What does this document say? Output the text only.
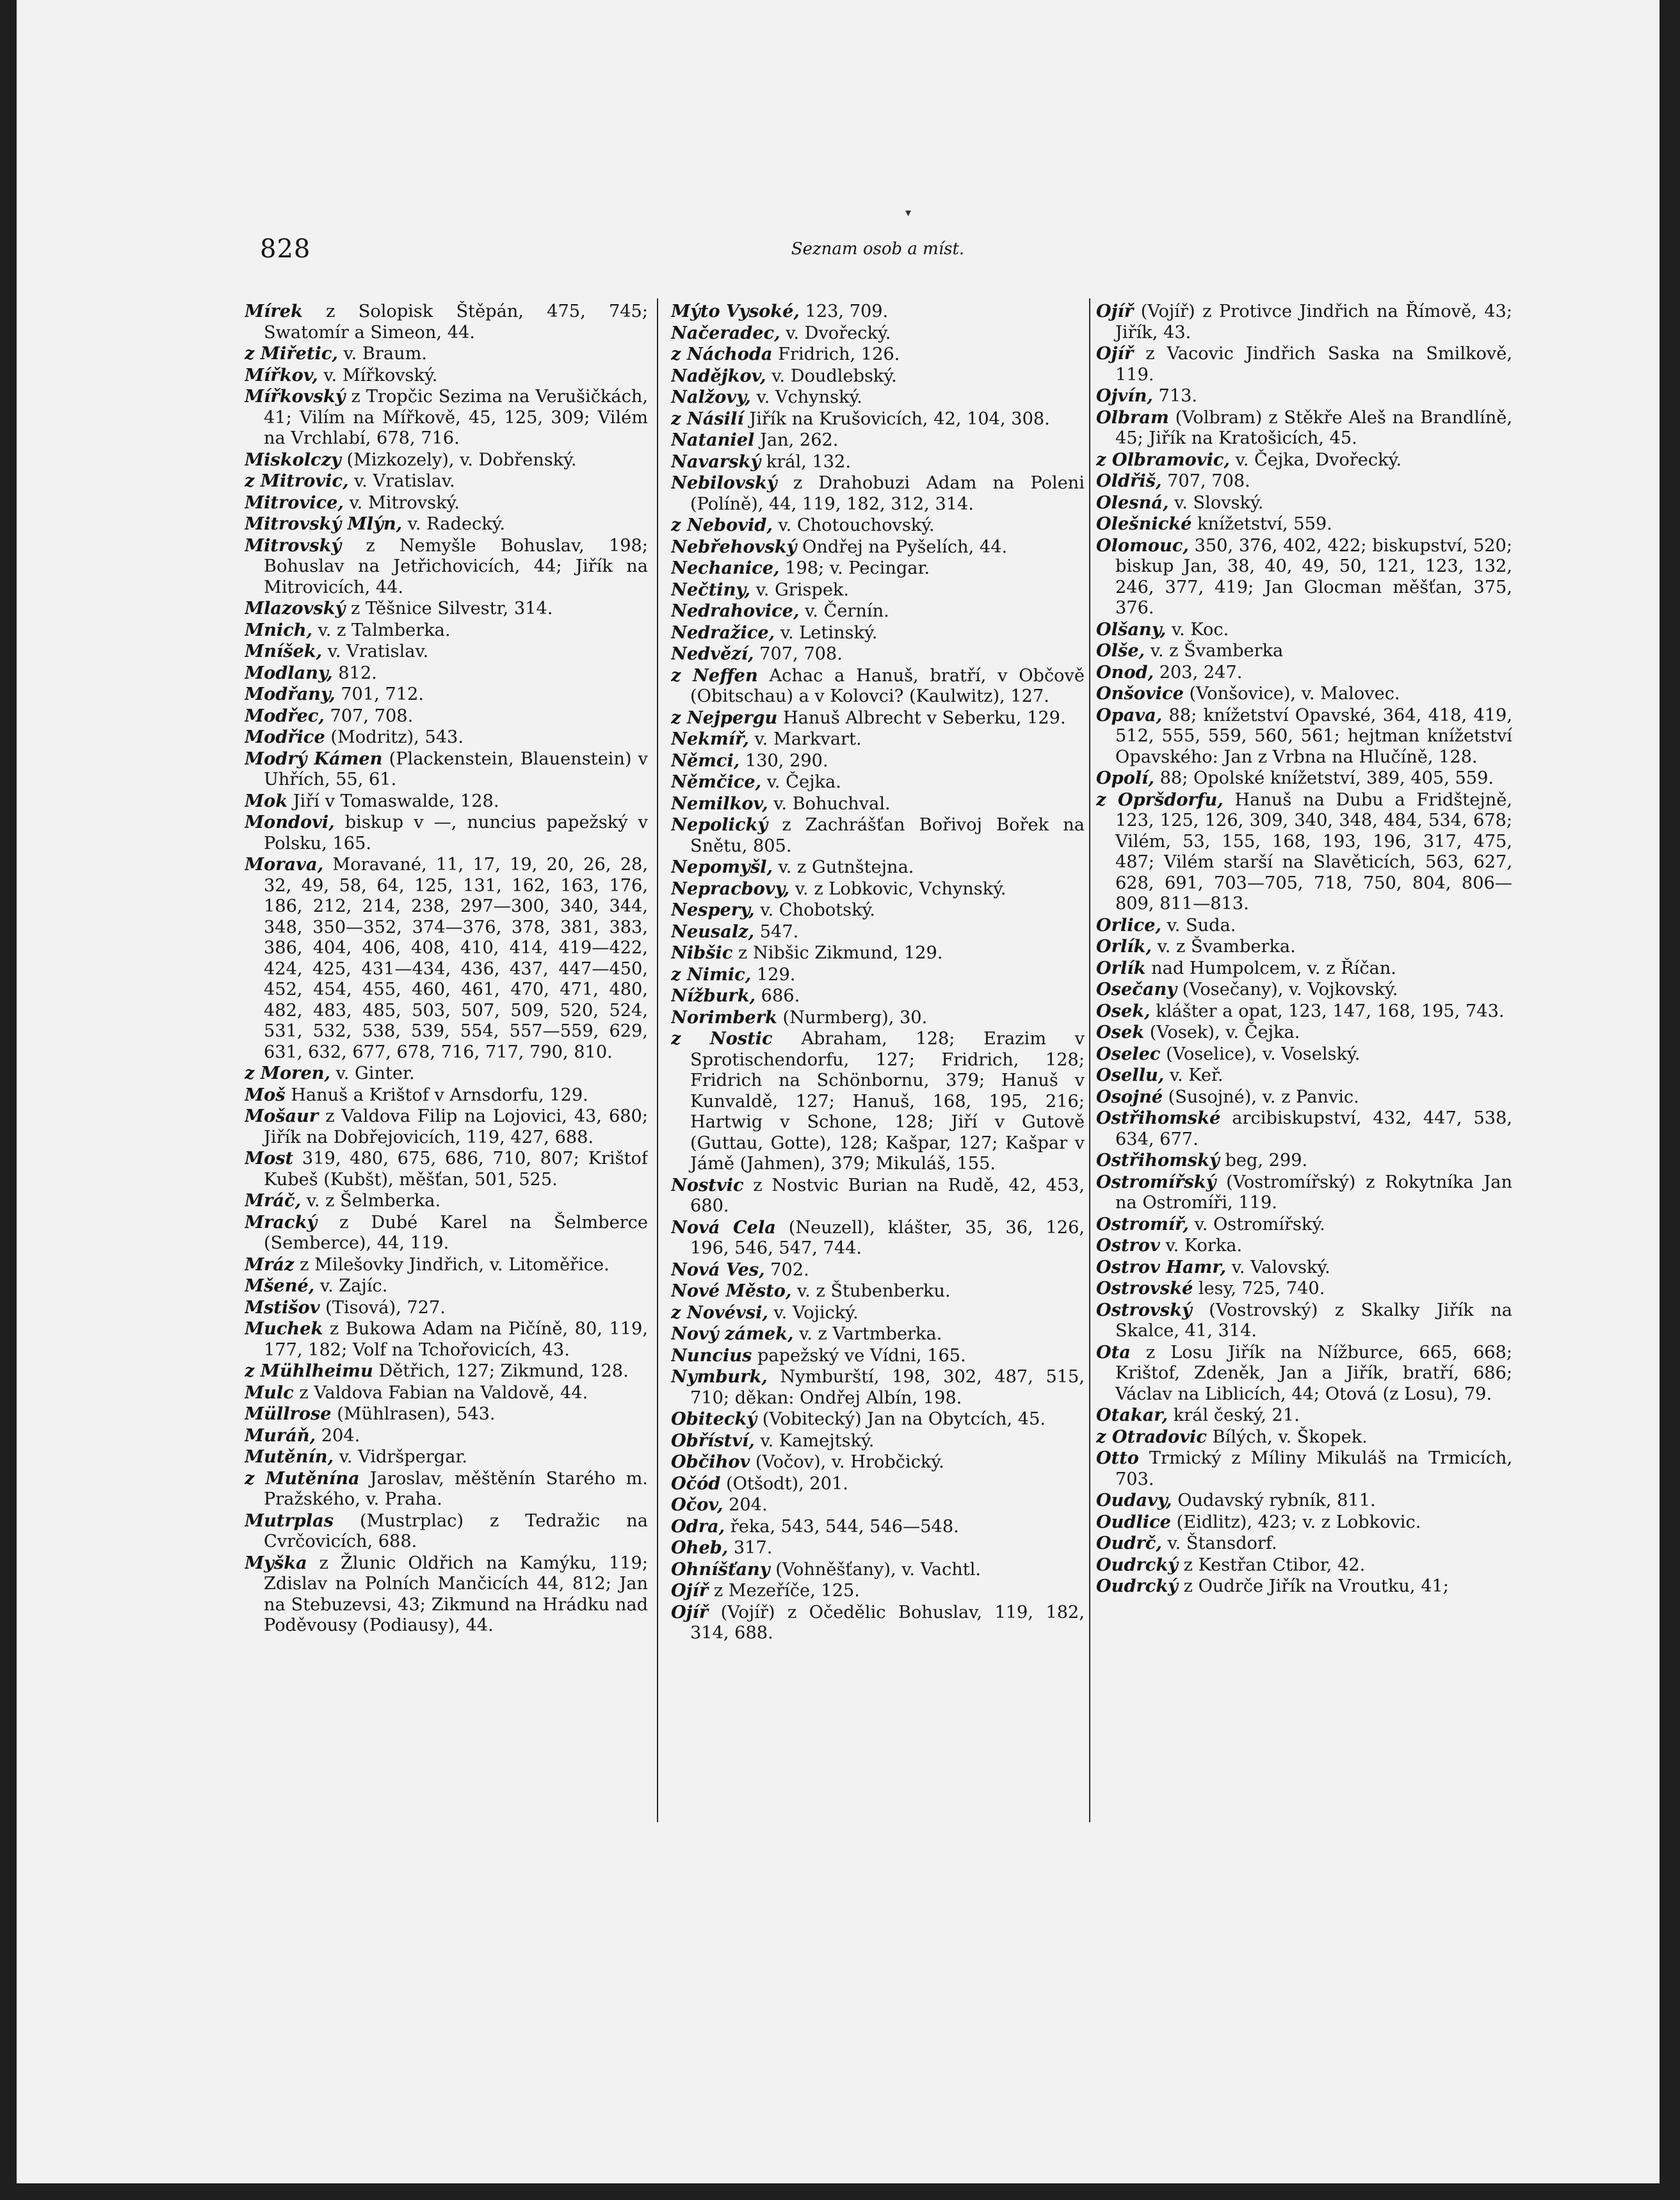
▾
828	Seznam osob a míst.

Mírek z Solopisk Štěpán, 475, 745; Swatomír a Simeon, 44.

z Miřetic, v. Braum.

Mířkov, v. Mířkovský.

Mířkovský z Tropčic Sezima na Verušičkách, 41; Vilím na Mířkově, 45, 125, 309; Vilém na Vrchlabí, 678, 716.

Miskolczy (Mizkozely), v. Dobřenský.

z Mitrovic, v. Vratislav.

Mitrovice, v. Mitrovský.

Mitrovský Mlýn, v. Radecký.

Mitrovský z Nemyšle Bohuslav, 198; Bohuslav na Jetřichovicích, 44; Jiřík na Mitrovicích, 44.

Mlazovský z Těšnice Silvestr, 314.

Mnich, v. z Talmberka.

Mníšek, v. Vratislav.

Modlany, 812.

Modřany, 701, 712.

Modřec, 707, 708.

Modřice (Modritz), 543.

Modrý Kámen (Plackenstein, Blauenstein) v Uhřích, 55, 61.

Mok Jiří v Tomaswalde, 128.

Mondovi, biskup v —, nuncius papežský v Polsku, 165.

Morava, Moravané, 11, 17, 19, 20, 26, 28, 32, 49, 58, 64, 125, 131, 162, 163, 176, 186, 212, 214, 238, 297—300, 340, 344, 348, 350—352, 374—376, 378, 381, 383, 386, 404, 406, 408, 410, 414, 419—422, 424, 425, 431—434, 436, 437, 447—450, 452, 454, 455, 460, 461, 470, 471, 480, 482, 483, 485, 503, 507, 509, 520, 524, 531, 532, 538, 539, 554, 557—559, 629, 631, 632, 677, 678, 716, 717, 790, 810.

z Moren, v. Ginter.

Moš Hanuš a Krištof v Arnsdorfu, 129.

Mošaur z Valdova Filip na Lojovici, 43, 680; Jiřík na Dobřejovicích, 119, 427, 688.

Most 319, 480, 675, 686, 710, 807; Krištof Kubeš (Kubšt), měšťan, 501, 525.

Mráč, v. z Šelmberka.

Mracký z Dubé Karel na Šelmberce (Semberce), 44, 119.

Mráz z Milešovky Jindřich, v. Litoměřice.

Mšené, v. Zajíc.

Mstišov (Tisová), 727.

Muchek z Bukowa Adam na Pičíně, 80, 119, 177, 182; Volf na Tchořovicích, 43.

z Mühlheimu Dětřich, 127; Zikmund, 128.

Mulc z Valdova Fabian na Valdově, 44.

Müllrose (Mühlrasen), 543.

Muráň, 204.

Mutěnín, v. Vidršpergar.

z Mutěnína Jaroslav, měštěnín Starého m. Pražského, v. Praha.

Mutrplas (Mustrplac) z Tedražic na Cvrčovicích, 688.

Myška z Žlunic Oldřich na Kamýku, 119; Zdislav na Polních Mančicích 44, 812; Jan na Stebuzevsi, 43; Zikmund na Hrádku nad Poděvousy (Podiausy), 44.

Mýto Vysoké, 123, 709.

Načeradec, v. Dvořecký.

z Náchoda Fridrich, 126.

Nadějkov, v. Doudlebský.

Nalžovy, v. Vchynský.

z Násilí Jiřík na Krušovicích, 42, 104, 308.

Nataniel Jan, 262.

Navarský král, 132.

Nebilovský z Drahobuzi Adam na Poleni (Políně), 44, 119, 182, 312, 314.

z Nebovid, v. Chotouchovský.

Nebřehovský Ondřej na Pyšelích, 44.

Nechanice, 198; v. Pecingar.

Nečtiny, v. Grispek.

Nedrahovice, v. Černín.

Nedražice, v. Letinský.

Nedvězí, 707, 708.

z Neffen Achac a Hanuš, bratří, v Občově (Obitschau) a v Kolovci? (Kaulwitz), 127.

z Nejpergu Hanuš Albrecht v Seberku, 129.

Nekmíř, v. Markvart.

Němci, 130, 290.

Němčice, v. Čejka.

Nemilkov, v. Bohuchval.

Nepolický z Zachrášťan Bořivoj Bořek na Snětu, 805.

Nepomyšl, v. z Gutnštejna.

Nepracbovy, v. z Lobkovic, Vchynský.

Nespery, v. Chobotský.

Neusalz, 547.

Nibšic z Nibšic Zikmund, 129.

z Nimic, 129.

Nížburk, 686.

Norimberk (Nurmberg), 30.

z Nostic Abraham, 128; Erazim v Sprotischendorfu, 127; Fridrich, 128; Fridrich na Schönbornu, 379; Hanuš v Kunvaldě, 127; Hanuš, 168, 195, 216; Hartwig v Schone, 128; Jiří v Gutově (Guttau, Gotte), 128; Kašpar, 127; Kašpar v Jámě (Jahmen), 379; Mikuláš, 155.

Nostvic z Nostvic Burian na Rudě, 42, 453, 680.

Nová Cela (Neuzell), klášter, 35, 36, 126, 196, 546, 547, 744.

Nová Ves, 702.

Nové Město, v. z Štubenberku.

z Novévsi, v. Vojický.

Nový zámek, v. z Vartmberka.

Nuncius papežský ve Vídni, 165.

Nymburk, Nymburští, 198, 302, 487, 515, 710; děkan: Ondřej Albín, 198.

Obitecký (Vobitecký) Jan na Obytcích, 45.

Obříství, v. Kamejtský.

Občihov (Vočov), v. Hrobčický.

Očód (Otšodt), 201.

Očov, 204.

Odra, řeka, 543, 544, 546—548.

Oheb, 317.

Ohníšťany (Vohněšťany), v. Vachtl.

Ojíř z Mezeříče, 125.

Ojíř (Vojíř) z Očedělic Bohuslav, 119, 182, 314, 688.

Ojíř (Vojíř) z Protivce Jindřich na Římově, 43; Jiřík, 43.

Ojíř z Vacovic Jindřich Saska na Smilkově, 119.

Ojvín, 713.

Olbram (Volbram) z Stěkře Aleš na Brandlíně, 45; Jiřík na Kratošicích, 45.

z Olbramovic, v. Čejka, Dvořecký.

Oldřiš, 707, 708.

Olesná, v. Slovský.

Olešnické knížetství, 559.

Olomouc, 350, 376, 402, 422; biskupství, 520; biskup Jan, 38, 40, 49, 50, 121, 123, 132, 246, 377, 419; Jan Glocman měšťan, 375, 376.

Olšany, v. Koc.

Olše, v. z Švamberka

Onod, 203, 247.

Onšovice (Vonšovice), v. Malovec.

Opava, 88; knížetství Opavské, 364, 418, 419, 512, 555, 559, 560, 561; hejtman knížetství Opavského: Jan z Vrbna na Hlučíně, 128.

Opolí, 88; Opolské knížetství, 389, 405, 559.

z Opršdorfu, Hanuš na Dubu a Fridštejně, 123, 125, 126, 309, 340, 348, 484, 534, 678; Vilém, 53, 155, 168, 193, 196, 317, 475, 487; Vilém starší na Slavěticích, 563, 627, 628, 691, 703—705, 718, 750, 804, 806—809, 811—813.

Orlice, v. Suda.

Orlík, v. z Švamberka.

Orlík nad Humpolcem, v. z Říčan.

Osečany (Vosečany), v. Vojkovský.

Osek, klášter a opat, 123, 147, 168, 195, 743.

Osek (Vosek), v. Čejka.

Oselec (Voselice), v. Voselský.

Osellu, v. Keř.

Osojné (Susojné), v. z Panvic.

Ostřihomské arcibiskupství, 432, 447, 538, 634, 677.

Ostřihomský beg, 299.

Ostromířský (Vostromířský) z Rokytníka Jan na Ostromíři, 119.

Ostromíř, v. Ostromířský.

Ostrov v. Korka.

Ostrov Hamr, v. Valovský.

Ostrovské lesy, 725, 740.

Ostrovský (Vostrovský) z Skalky Jiřík na Skalce, 41, 314.

Ota z Losu Jiřík na Nížburce, 665, 668; Krištof, Zdeněk, Jan a Jiřík, bratří, 686; Václav na Liblicích, 44; Otová (z Losu), 79.

Otakar, král český, 21.

z Otradovic Bílých, v. Škopek.

Otto Trmický z Míliny Mikuláš na Trmicích, 703.

Oudavy, Oudavský rybník, 811.

Oudlice (Eidlitz), 423; v. z Lobkovic.

Oudrč, v. Štansdorf.

Oudrcký z Kestřan Ctibor, 42.

Oudrcký z Oudrče Jiřík na Vroutku, 41;
